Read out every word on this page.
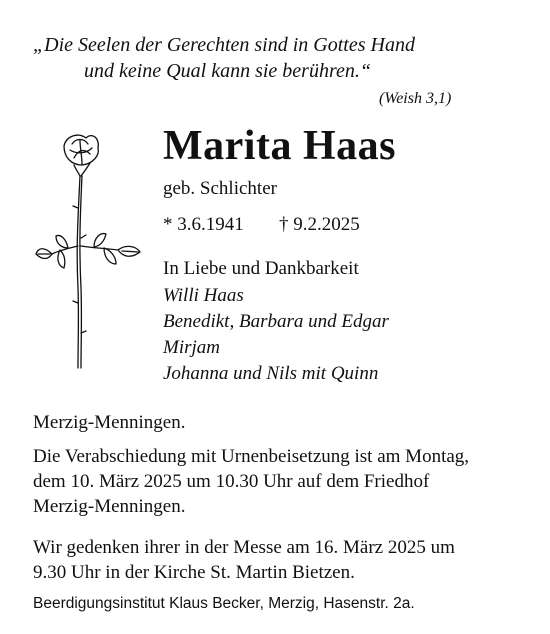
„Die Seelen der Gerechten sind in Gottes Hand
und keine Qual kann sie berühren.“
(Weish 3,1)
Marita Haas
geb. Schlichter
* 3.6.1941 † 9.2.2025
In Liebe und Dankbarkeit
Willi Haas
Benedikt, Barbara und Edgar
Mirjam
Johanna und Nils mit Quinn
Merzig-Menningen.
Die Verabschiedung mit Urnenbeisetzung ist am Montag,
dem 10. März 2025 um 10.30 Uhr auf dem Friedhof
Merzig-Menningen.
Wir gedenken ihrer in der Messe am 16. März 2025 um
9.30 Uhr in der Kirche St. Martin Bietzen.
Beerdigungsinstitut Klaus Becker, Merzig, Hasenstr. 2a.
